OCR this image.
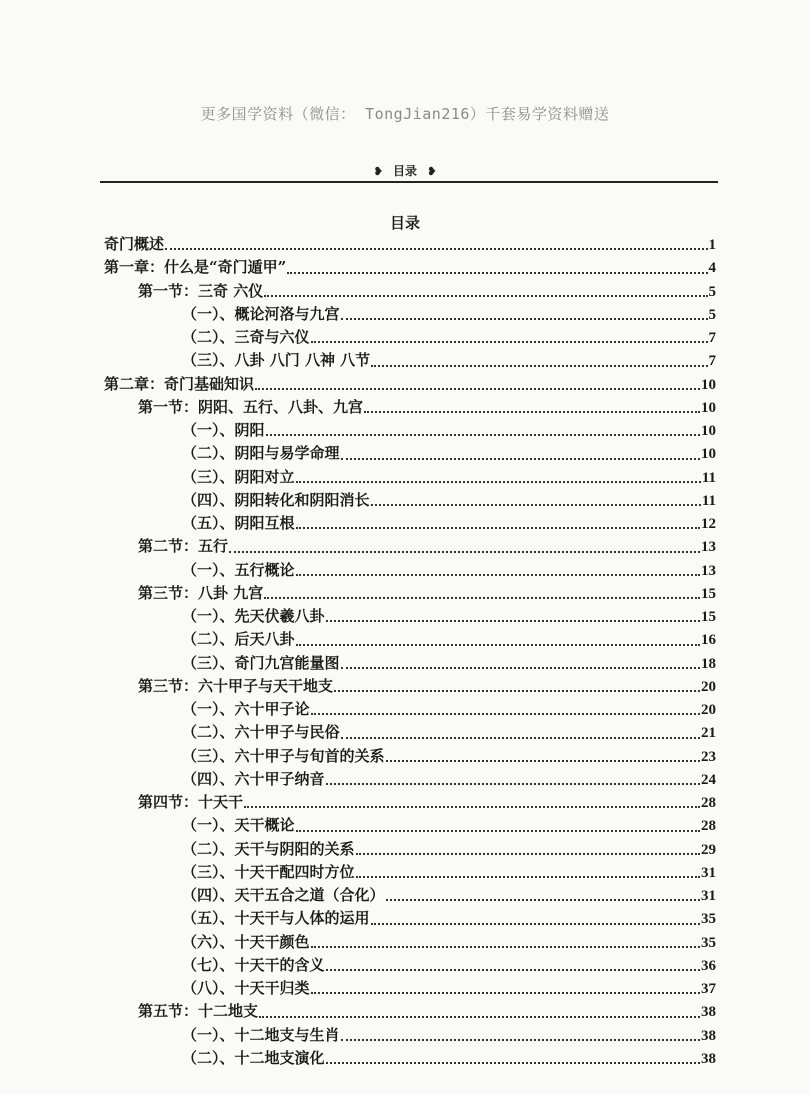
更多国学资料（微信： TongJian216）千套易学资料赠送
❥ 目录 ❥
目录
奇门概述	1
第一章：什么是“奇门遁甲”	4
第一节：三奇 六仪	5
（一）、概论河洛与九宫	5
（二）、三奇与六仪	7
（三）、八卦 八门 八神 八节	7
第二章：奇门基础知识	10
第一节：阴阳、五行、八卦、九宫	10
（一）、阴阳	10
（二）、阴阳与易学命理	10
（三）、阴阳对立	11
（四）、阴阳转化和阴阳消长	11
（五）、阴阳互根	12
第二节：五行	13
（一）、五行概论	13
第三节：八卦 九宫	15
（一）、先天伏羲八卦	15
（二）、后天八卦	16
（三）、奇门九宫能量图	18
第三节：六十甲子与天干地支	20
（一）、六十甲子论	20
（二）、六十甲子与民俗	21
（三）、六十甲子与旬首的关系	23
（四）、六十甲子纳音	24
第四节：十天干	28
（一）、天干概论	28
（二）、天干与阴阳的关系	29
（三）、十天干配四时方位	31
（四）、天干五合之道（合化）	31
（五）、十天干与人体的运用	35
（六）、十天干颜色	35
（七）、十天干的含义	36
（八）、十天干归类	37
第五节：十二地支	38
（一）、十二地支与生肖	38
（二）、十二地支演化	38
